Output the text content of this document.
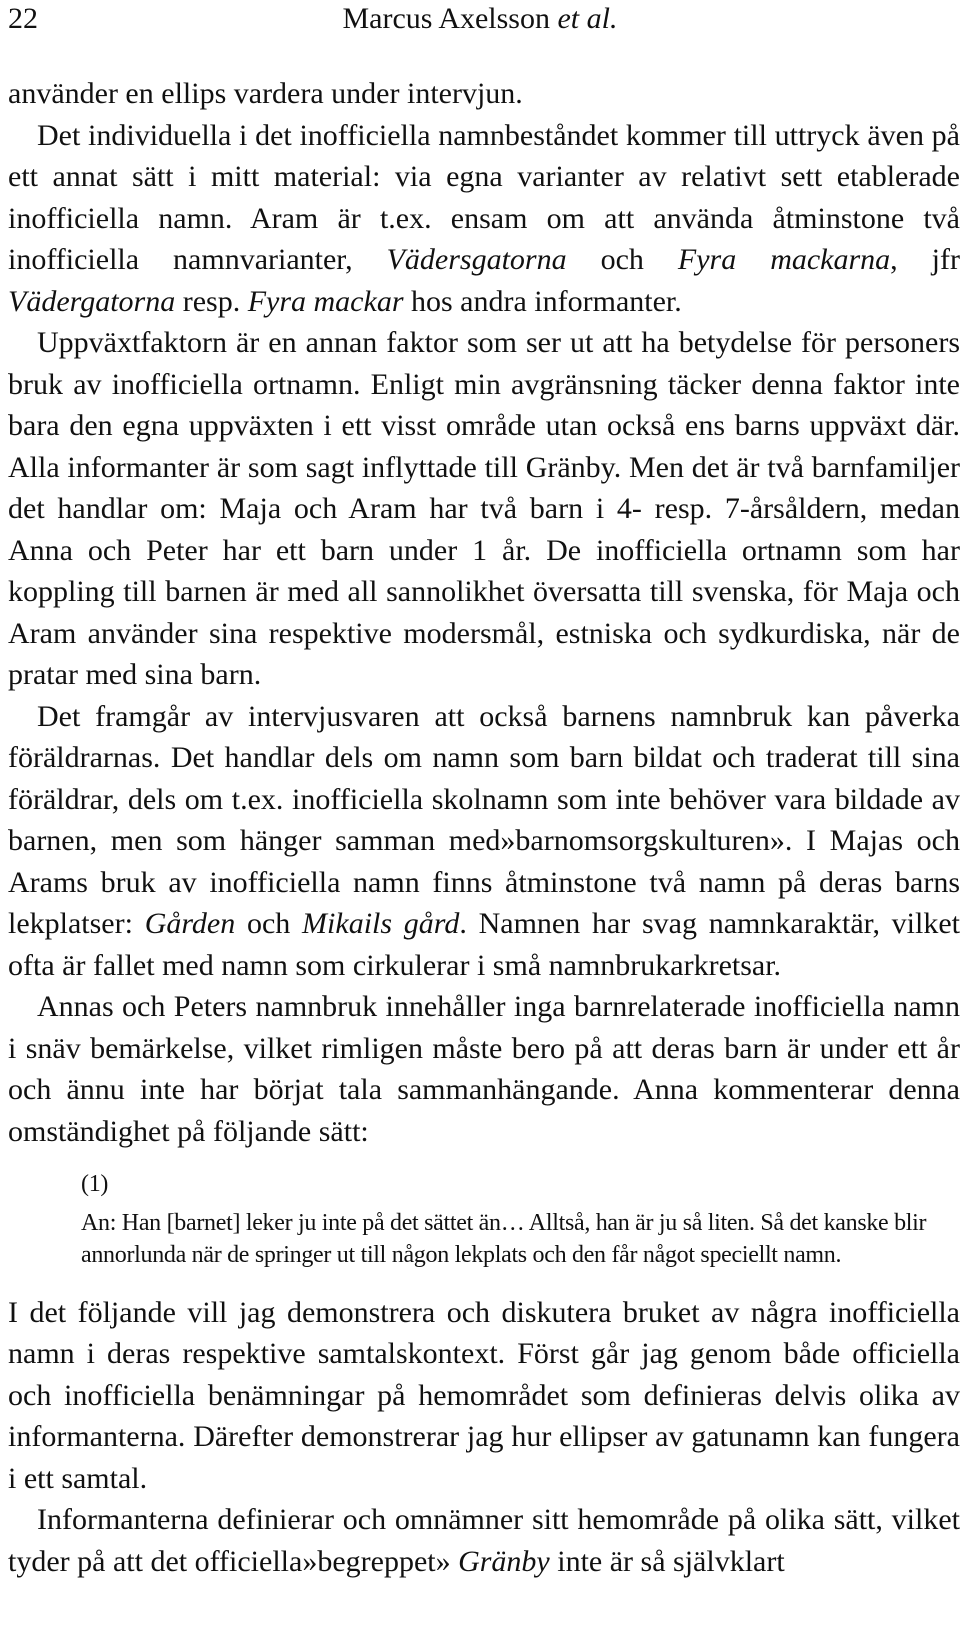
22	Marcus Axelsson et al.

använder en ellips vardera under intervjun.

Det individuella i det inofficiella namnbeståndet kommer till uttryck även på ett annat sätt i mitt material: via egna varianter av relativt sett etablerade inofficiella namn. Aram är t.ex. ensam om att använda åtminstone två inofficiella namnvarianter, Vädersgatorna och Fyra mackarna, jfr Vädergatorna resp. Fyra mackar hos andra informanter.

Uppväxtfaktorn är en annan faktor som ser ut att ha betydelse för personers bruk av inofficiella ortnamn. Enligt min avgränsning täcker denna faktor inte bara den egna uppväxten i ett visst område utan också ens barns uppväxt där. Alla informanter är som sagt inflyttade till Gränby. Men det är två barnfamiljer det handlar om: Maja och Aram har två barn i 4- resp. 7-årsåldern, medan Anna och Peter har ett barn under 1 år. De inofficiella ortnamn som har koppling till barnen är med all sannolikhet översatta till svenska, för Maja och Aram använder sina respektive modersmål, estniska och sydkurdiska, när de pratar med sina barn.

Det framgår av intervjusvaren att också barnens namnbruk kan påverka föräldrarnas. Det handlar dels om namn som barn bildat och traderat till sina föräldrar, dels om t.ex. inofficiella skolnamn som inte behöver vara bildade av barnen, men som hänger samman med»barnomsorgskulturen». I Majas och Arams bruk av inofficiella namn finns åtminstone två namn på deras barns lekplatser: Gården och Mikails gård. Namnen har svag namnkaraktär, vilket ofta är fallet med namn som cirkulerar i små namnbrukarkretsar.

Annas och Peters namnbruk innehåller inga barnrelaterade inofficiella namn i snäv bemärkelse, vilket rimligen måste bero på att deras barn är under ett år och ännu inte har börjat tala sammanhängande. Anna kommenterar denna omständighet på följande sätt:

(1)
An: Han [barnet] leker ju inte på det sättet än… Alltså, han är ju så liten. Så det kanske blir annorlunda när de springer ut till någon lekplats och den får något speciellt namn.

I det följande vill jag demonstrera och diskutera bruket av några inofficiella namn i deras respektive samtalskontext. Först går jag genom både officiella och inofficiella benämningar på hemområdet som definieras delvis olika av informanterna. Därefter demonstrerar jag hur ellipser av gatunamn kan fungera i ett samtal.

Informanterna definierar och omnämner sitt hemområde på olika sätt, vilket tyder på att det officiella»begreppet» Gränby inte är så självklart
